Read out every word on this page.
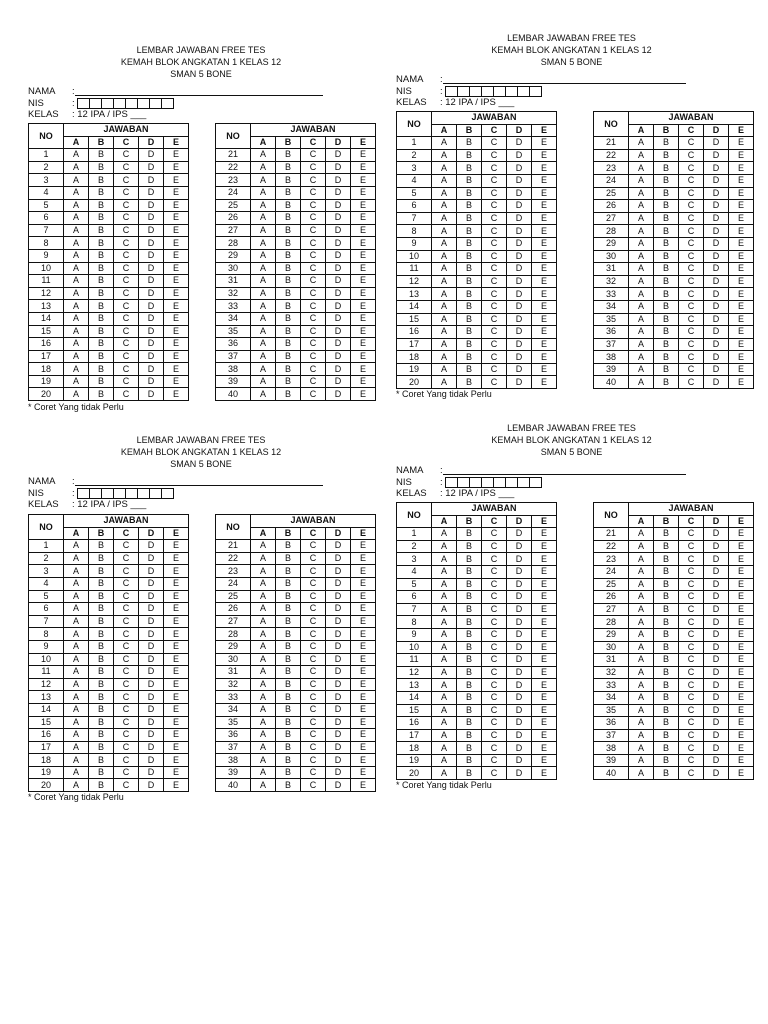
LEMBAR JAWABAN FREE TES
KEMAH BLOK ANGKATAN 1 KELAS 12
SMAN 5 BONE
NAMA	:
NIS	:
KELAS	: 12 IPA / IPS ___
NO	JAWABAN						NO	JAWABAN				
	A	B	C	D	E			A	B	C	D	E
1	A	B	C	D	E		21	A	B	C	D	E
2	A	B	C	D	E		22	A	B	C	D	E
3	A	B	C	D	E		23	A	B	C	D	E
4	A	B	C	D	E		24	A	B	C	D	E
5	A	B	C	D	E		25	A	B	C	D	E
6	A	B	C	D	E		26	A	B	C	D	E
7	A	B	C	D	E		27	A	B	C	D	E
8	A	B	C	D	E		28	A	B	C	D	E
9	A	B	C	D	E		29	A	B	C	D	E
10	A	B	C	D	E		30	A	B	C	D	E
11	A	B	C	D	E		31	A	B	C	D	E
12	A	B	C	D	E		32	A	B	C	D	E
13	A	B	C	D	E		33	A	B	C	D	E
14	A	B	C	D	E		34	A	B	C	D	E
15	A	B	C	D	E		35	A	B	C	D	E
16	A	B	C	D	E		36	A	B	C	D	E
17	A	B	C	D	E		37	A	B	C	D	E
18	A	B	C	D	E		38	A	B	C	D	E
19	A	B	C	D	E		39	A	B	C	D	E
20	A	B	C	D	E		40	A	B	C	D	E
* Coret Yang tidak Perlu
LEMBAR JAWABAN FREE TES
KEMAH BLOK ANGKATAN 1 KELAS 12
SMAN 5 BONE
NAMA	:
NIS	:
KELAS	: 12 IPA / IPS ___
NO	JAWABAN						NO	JAWABAN				
	A	B	C	D	E			A	B	C	D	E
1	A	B	C	D	E		21	A	B	C	D	E
2	A	B	C	D	E		22	A	B	C	D	E
3	A	B	C	D	E		23	A	B	C	D	E
4	A	B	C	D	E		24	A	B	C	D	E
5	A	B	C	D	E		25	A	B	C	D	E
6	A	B	C	D	E		26	A	B	C	D	E
7	A	B	C	D	E		27	A	B	C	D	E
8	A	B	C	D	E		28	A	B	C	D	E
9	A	B	C	D	E		29	A	B	C	D	E
10	A	B	C	D	E		30	A	B	C	D	E
11	A	B	C	D	E		31	A	B	C	D	E
12	A	B	C	D	E		32	A	B	C	D	E
13	A	B	C	D	E		33	A	B	C	D	E
14	A	B	C	D	E		34	A	B	C	D	E
15	A	B	C	D	E		35	A	B	C	D	E
16	A	B	C	D	E		36	A	B	C	D	E
17	A	B	C	D	E		37	A	B	C	D	E
18	A	B	C	D	E		38	A	B	C	D	E
19	A	B	C	D	E		39	A	B	C	D	E
20	A	B	C	D	E		40	A	B	C	D	E
* Coret Yang tidak Perlu
LEMBAR JAWABAN FREE TES
KEMAH BLOK ANGKATAN 1 KELAS 12
SMAN 5 BONE
NAMA	:
NIS	:
KELAS	: 12 IPA / IPS ___
NO	JAWABAN						NO	JAWABAN				
	A	B	C	D	E			A	B	C	D	E
1	A	B	C	D	E		21	A	B	C	D	E
2	A	B	C	D	E		22	A	B	C	D	E
3	A	B	C	D	E		23	A	B	C	D	E
4	A	B	C	D	E		24	A	B	C	D	E
5	A	B	C	D	E		25	A	B	C	D	E
6	A	B	C	D	E		26	A	B	C	D	E
7	A	B	C	D	E		27	A	B	C	D	E
8	A	B	C	D	E		28	A	B	C	D	E
9	A	B	C	D	E		29	A	B	C	D	E
10	A	B	C	D	E		30	A	B	C	D	E
11	A	B	C	D	E		31	A	B	C	D	E
12	A	B	C	D	E		32	A	B	C	D	E
13	A	B	C	D	E		33	A	B	C	D	E
14	A	B	C	D	E		34	A	B	C	D	E
15	A	B	C	D	E		35	A	B	C	D	E
16	A	B	C	D	E		36	A	B	C	D	E
17	A	B	C	D	E		37	A	B	C	D	E
18	A	B	C	D	E		38	A	B	C	D	E
19	A	B	C	D	E		39	A	B	C	D	E
20	A	B	C	D	E		40	A	B	C	D	E
* Coret Yang tidak Perlu
LEMBAR JAWABAN FREE TES
KEMAH BLOK ANGKATAN 1 KELAS 12
SMAN 5 BONE
NAMA	:
NIS	:
KELAS	: 12 IPA / IPS ___
NO	JAWABAN						NO	JAWABAN				
	A	B	C	D	E			A	B	C	D	E
1	A	B	C	D	E		21	A	B	C	D	E
2	A	B	C	D	E		22	A	B	C	D	E
3	A	B	C	D	E		23	A	B	C	D	E
4	A	B	C	D	E		24	A	B	C	D	E
5	A	B	C	D	E		25	A	B	C	D	E
6	A	B	C	D	E		26	A	B	C	D	E
7	A	B	C	D	E		27	A	B	C	D	E
8	A	B	C	D	E		28	A	B	C	D	E
9	A	B	C	D	E		29	A	B	C	D	E
10	A	B	C	D	E		30	A	B	C	D	E
11	A	B	C	D	E		31	A	B	C	D	E
12	A	B	C	D	E		32	A	B	C	D	E
13	A	B	C	D	E		33	A	B	C	D	E
14	A	B	C	D	E		34	A	B	C	D	E
15	A	B	C	D	E		35	A	B	C	D	E
16	A	B	C	D	E		36	A	B	C	D	E
17	A	B	C	D	E		37	A	B	C	D	E
18	A	B	C	D	E		38	A	B	C	D	E
19	A	B	C	D	E		39	A	B	C	D	E
20	A	B	C	D	E		40	A	B	C	D	E
* Coret Yang tidak Perlu
